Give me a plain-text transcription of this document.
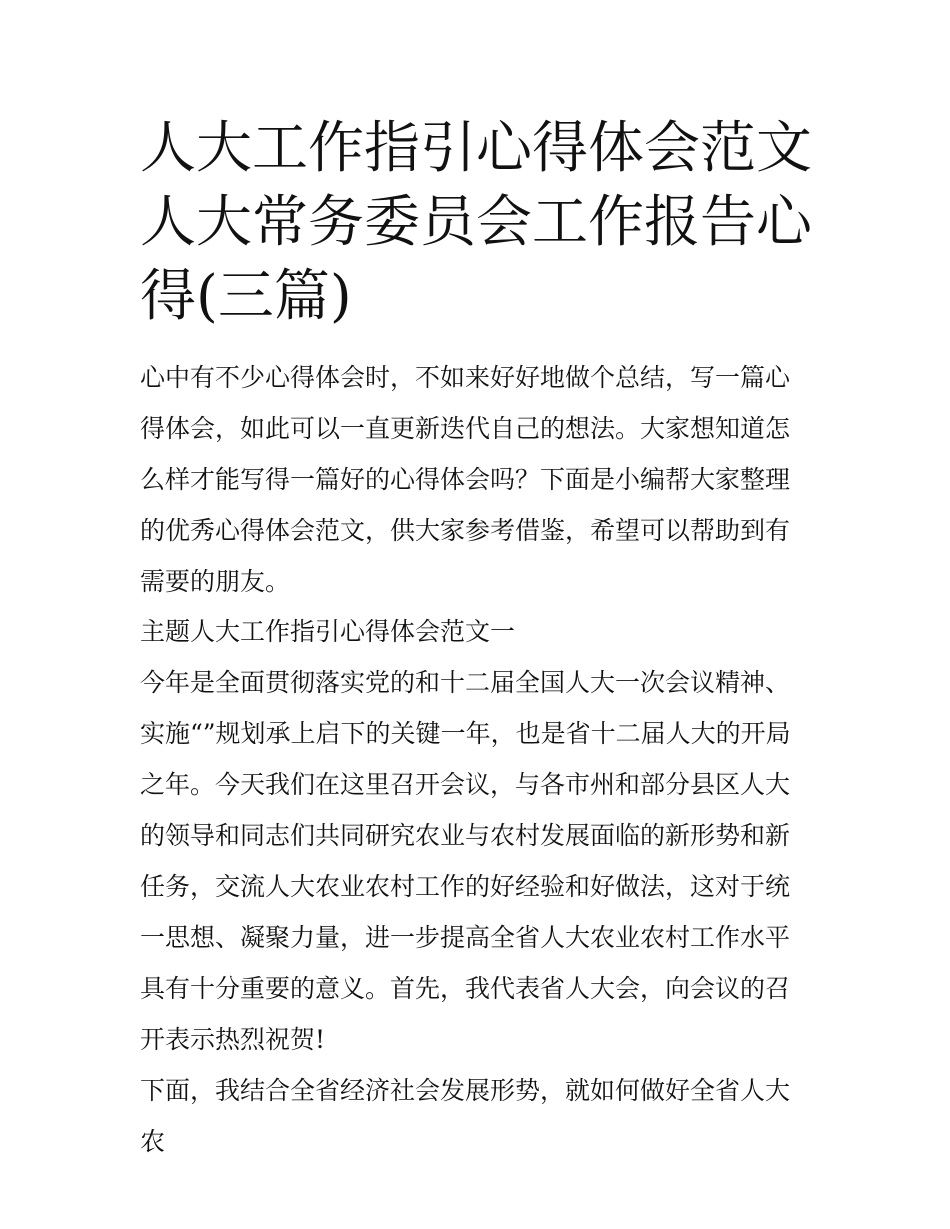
人大工作指引心得体会范文 人大常务委员会工作报告心得(三篇)

心中有不少心得体会时，不如来好好地做个总结，写一篇心得体会，如此可以一直更新迭代自己的想法。大家想知道怎么样才能写得一篇好的心得体会吗？下面是小编帮大家整理的优秀心得体会范文，供大家参考借鉴，希望可以帮助到有需要的朋友。

主题人大工作指引心得体会范文一

今年是全面贯彻落实党的和十二届全国人大一次会议精神、实施“”规划承上启下的关键一年，也是省十二届人大的开局之年。今天我们在这里召开会议，与各市州和部分县区人大的领导和同志们共同研究农业与农村发展面临的新形势和新任务，交流人大农业农村工作的好经验和好做法，这对于统一思想、凝聚力量，进一步提高全省人大农业农村工作水平具有十分重要的意义。首先，我代表省人大会，向会议的召开表示热烈祝贺!

下面，我结合全省经济社会发展形势，就如何做好全省人大农
